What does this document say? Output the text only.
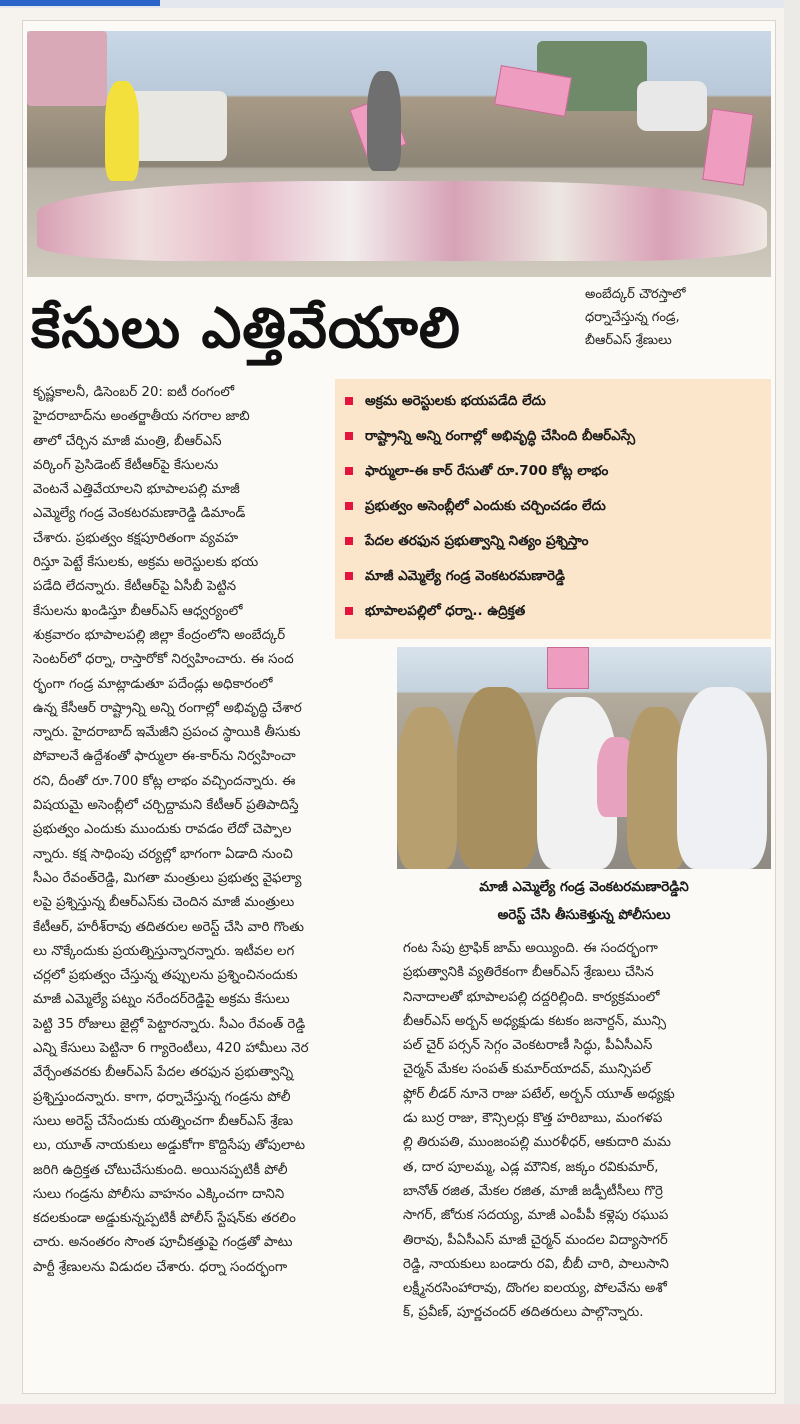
కేసులు ఎత్తివేయాలి
అంబేద్కర్ చౌరస్తాలో
ధర్నాచేస్తున్న గండ్ర,
బీఆర్ఎస్ శ్రేణులు
అక్రమ అరెస్టులకు భయపడేది లేదు
రాష్ట్రాన్ని అన్ని రంగాల్లో అభివృద్ధి చేసింది బీఆర్ఎస్సే
ఫార్ములా-ఈ కార్ రేసుతో రూ.700 కోట్ల లాభం
ప్రభుత్వం అసెంబ్లీలో ఎందుకు చర్చించడం లేదు
పేదల తరఫున ప్రభుత్వాన్ని నిత్యం ప్రశ్నిస్తాం
మాజీ ఎమ్మెల్యే గండ్ర వెంకటరమణారెడ్డి
భూపాలపల్లిలో ధర్నా.. ఉద్రిక్తత
కృష్ణకాలనీ, డిసెంబర్ 20: ఐటీ రంగంలో
హైదరాబాద్‌ను అంతర్జాతీయ నగరాల జాబి
తాలో చేర్చిన మాజీ మంత్రి, బీఆర్ఎస్
వర్కింగ్ ప్రెసిడెంట్ కేటీఆర్‌పై కేసులను
వెంటనే ఎత్తివేయాలని భూపాలపల్లి మాజీ
ఎమ్మెల్యే గండ్ర వెంకటరమణారెడ్డి డిమాండ్
చేశారు. ప్రభుత్వం కక్షపూరితంగా వ్యవహ
రిస్తూ పెట్టే కేసులకు, అక్రమ అరెస్టులకు భయ
పడేది లేదన్నారు. కేటీఆర్‌పై ఏసీబీ పెట్టిన
కేసులను ఖండిస్తూ బీఆర్ఎస్ ఆధ్వర్యంలో
శుక్రవారం భూపాలపల్లి జిల్లా కేంద్రంలోని అంబేద్కర్
సెంటర్‌లో ధర్నా, రాస్తారోకో నిర్వహించారు. ఈ సంద
ర్భంగా గండ్ర మాట్లాడుతూ పదేండ్లు అధికారంలో
ఉన్న కేసీఆర్ రాష్ట్రాన్ని అన్ని రంగాల్లో అభివృద్ధి చేశార
న్నారు. హైదరాబాద్ ఇమేజీని ప్రపంచ స్థాయికి తీసుకు
పోవాలనే ఉద్దేశంతో ఫార్ములా ఈ-కార్‌ను నిర్వహించా
రని, దీంతో రూ.700 కోట్ల లాభం వచ్చిందన్నారు. ఈ
విషయమై అసెంబ్లీలో చర్చిద్దామని కేటీఆర్ ప్రతిపాదిస్తే
ప్రభుత్వం ఎందుకు ముందుకు రావడం లేదో చెప్పాల
న్నారు. కక్ష సాధింపు చర్యల్లో భాగంగా ఏడాది నుంచి
సీఎం రేవంత్‌రెడ్డి, మిగతా మంత్రులు ప్రభుత్వ వైఫల్యా
లపై ప్రశ్నిస్తున్న బీఆర్ఎస్‌కు చెందిన మాజీ మంత్రులు
కేటీఆర్, హరీశ్‌రావు తదితరుల అరెస్ట్ చేసి వారి గొంతు
లు నొక్కేందుకు ప్రయత్నిస్తున్నారన్నారు. ఇటీవల లగ
చర్లలో ప్రభుత్వం చేస్తున్న తప్పులను ప్రశ్నించినందుకు
మాజీ ఎమ్మెల్యే పట్నం నరేందర్‌రెడ్డిపై అక్రమ కేసులు
పెట్టి 35 రోజులు జైల్లో పెట్టారన్నారు. సీఎం రేవంత్ రెడ్డి
ఎన్ని కేసులు పెట్టినా 6 గ్యారెంటీలు, 420 హామీలు నెర
వేర్చేంతవరకు బీఆర్ఎస్ పేదల తరఫున ప్రభుత్వాన్ని
ప్రశ్నిస్తుందన్నారు. కాగా, ధర్నాచేస్తున్న గండ్రను పోలీ
సులు అరెస్ట్ చేసేందుకు యత్నించగా బీఆర్ఎస్ శ్రేణు
లు, యూత్ నాయకులు అడ్డుకోగా కొద్దిసేపు తోపులాట
జరిగి ఉద్రిక్తత చోటుచేసుకుంది. అయినప్పటికీ పోలీ
సులు గండ్రను పోలీసు వాహనం ఎక్కించగా దానిని
కదలకుండా అడ్డుకున్నప్పటికీ పోలీస్ స్టేషన్‌కు తరలిం
చారు. అనంతరం సొంత పూచీకత్తుపై గండ్రతో పాటు
పార్టీ శ్రేణులను విడుదల చేశారు. ధర్నా సందర్భంగా
మాజీ ఎమ్మెల్యే గండ్ర వెంకటరమణారెడ్డిని
అరెస్ట్ చేసి తీసుకెళ్తున్న పోలీసులు
గంట సేపు ట్రాఫిక్ జామ్ అయ్యింది. ఈ సందర్భంగా
ప్రభుత్వానికి వ్యతిరేకంగా బీఆర్ఎస్ శ్రేణులు చేసిన
నినాదాలతో భూపాలపల్లి దద్దరిల్లింది. కార్యక్రమంలో
బీఆర్ఎస్ అర్బన్ అధ్యక్షుడు కటకం జనార్దన్, మున్సి
పల్ చైర్ పర్సన్ సెగ్గం వెంకటరాణీ సిద్ధు, పీఏసీఎస్
చైర్మన్ మేకల సంపత్ కుమార్‌యాదవ్, మున్సిపల్
ఫ్లోర్ లీడర్ నూనె రాజు పటేల్, అర్బన్ యూత్ అధ్యక్షు
డు బుర్ర రాజు, కౌన్సిలర్లు కొత్త హరిబాబు, మంగళప
ల్లి తిరుపతి, ముంజంపల్లి మురళీధర్, ఆకుదారి మమ
త, దార పూలమ్మ, ఎడ్ల మౌనిక, జక్కం రవికుమార్,
బానోత్ రజిత, మేకల రజిత, మాజీ జడ్పీటీసీలు గొర్రె
సాగర్, జోరుక సదయ్య, మాజీ ఎంపీపీ కళ్లెపు రఘుప
తిరావు, పీఏసీఎస్ మాజీ చైర్మన్ మందల విద్యాసాగర్
రెడ్డి, నాయకులు బండారు రవి, బీబీ చారి, పాలుసాని
లక్ష్మీనరసింహారావు, దొంగల ఐలయ్య, పోలవేను అశో
క్, ప్రవీణ్, పూర్ణచందర్ తదితరులు పాల్గొన్నారు.
